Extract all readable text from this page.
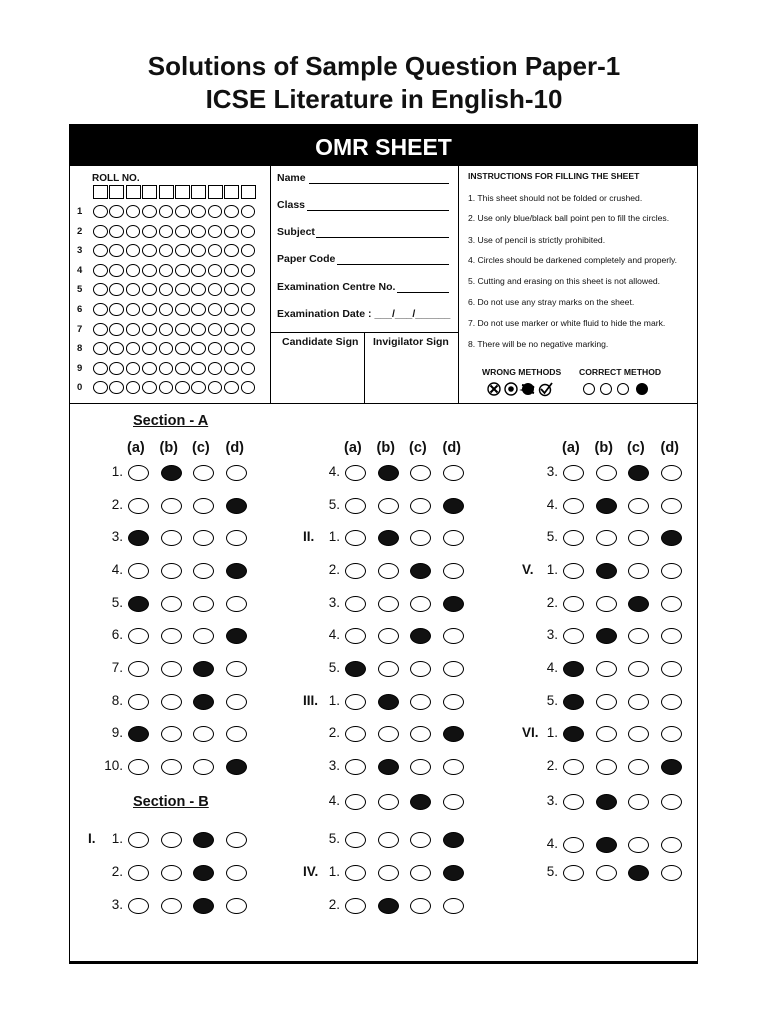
Solutions of Sample Question Paper-1
ICSE Literature in English-10
OMR SHEET
ROLL NO.
1
2
3
4
5
6
7
8
9
0
Name
Class
Subject
Paper Code
Examination Centre No.
Examination Date : ___/___/______
Candidate Sign Invigilator Sign
INSTRUCTIONS FOR FILLING THE SHEET
1. This sheet should not be folded or crushed.
2. Use only blue/black ball point pen to fill the circles.
3. Use of pencil is strictly prohibited.
4. Circles should be darkened completely and properly.
5. Cutting and erasing on this sheet is not allowed.
6. Do not use any stray marks on the sheet.
7. Do not use marker or white fluid to hide the mark.
8. There will be no negative marking.
WRONG METHODS CORRECT METHOD
Section - A
Section - B
(a) (b) (c) (d)
1.
2.
3.
4.
5.
6.
7.
8.
9.
10.
I.	1.
2.
3.
(a) (b) (c) (d)
4.
5.
II.	1.
2.
3.
4.
5.
III. 1.
2.
3.
4.
5.
IV. 1.
2.
(a) (b) (c) (d)
3.
4.
5.
V. 1.
2.
3.
4.
5.
VI. 1.
2.
3.
4.
5.
